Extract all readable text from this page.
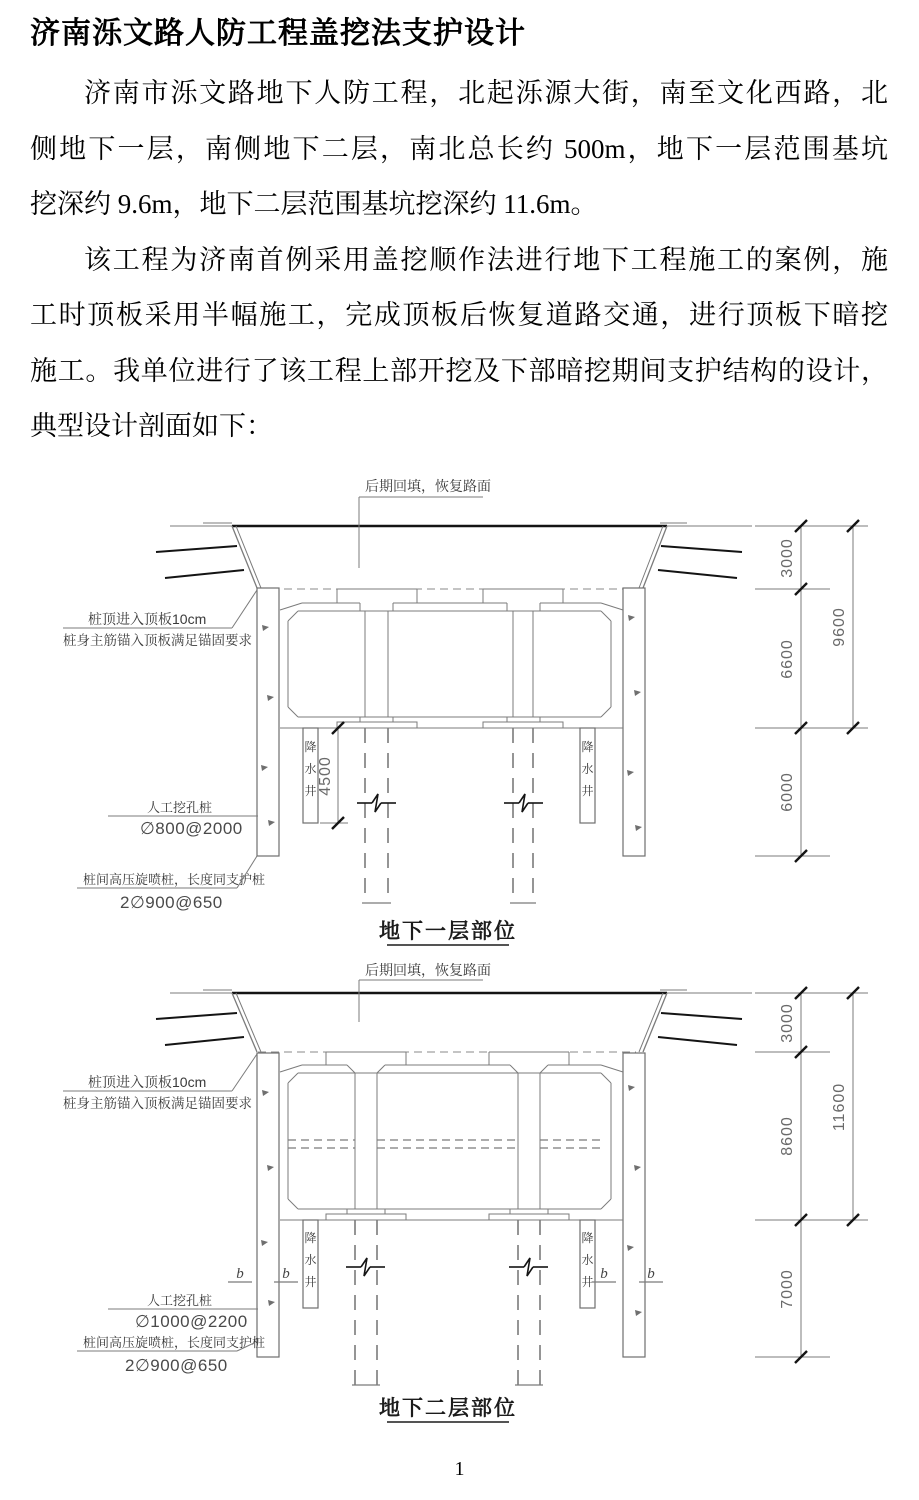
济南泺文路人防工程盖挖法支护设计
济南市泺文路地下人防工程，北起泺源大街，南至文化西路，北
侧地下一层，南侧地下二层，南北总长约 500m，地下一层范围基坑
挖深约 9.6m，地下二层范围基坑挖深约 11.6m。
该工程为济南首例采用盖挖顺作法进行地下工程施工的案例，施
工时顶板采用半幅施工，完成顶板后恢复道路交通，进行顶板下暗挖
施工。我单位进行了该工程上部开挖及下部暗挖期间支护结构的设计，
典型设计剖面如下：
降水井
降水井
4500
3000
6600
6000
9600
后期回填，恢复路面
桩顶进入顶板10cm
桩身主筋锚入顶板满足锚固要求
人工挖孔桩
∅800@2000
桩间高压旋喷桩，长度同支护桩
2∅900@650
地下一层部位
降水井
降水井
b	b	b	b
3000
8600
7000
11600
后期回填，恢复路面
桩顶进入顶板10cm
桩身主筋锚入顶板满足锚固要求
人工挖孔桩
∅1000@2200
桩间高压旋喷桩，长度同支护桩
2∅900@650
地下二层部位
1
